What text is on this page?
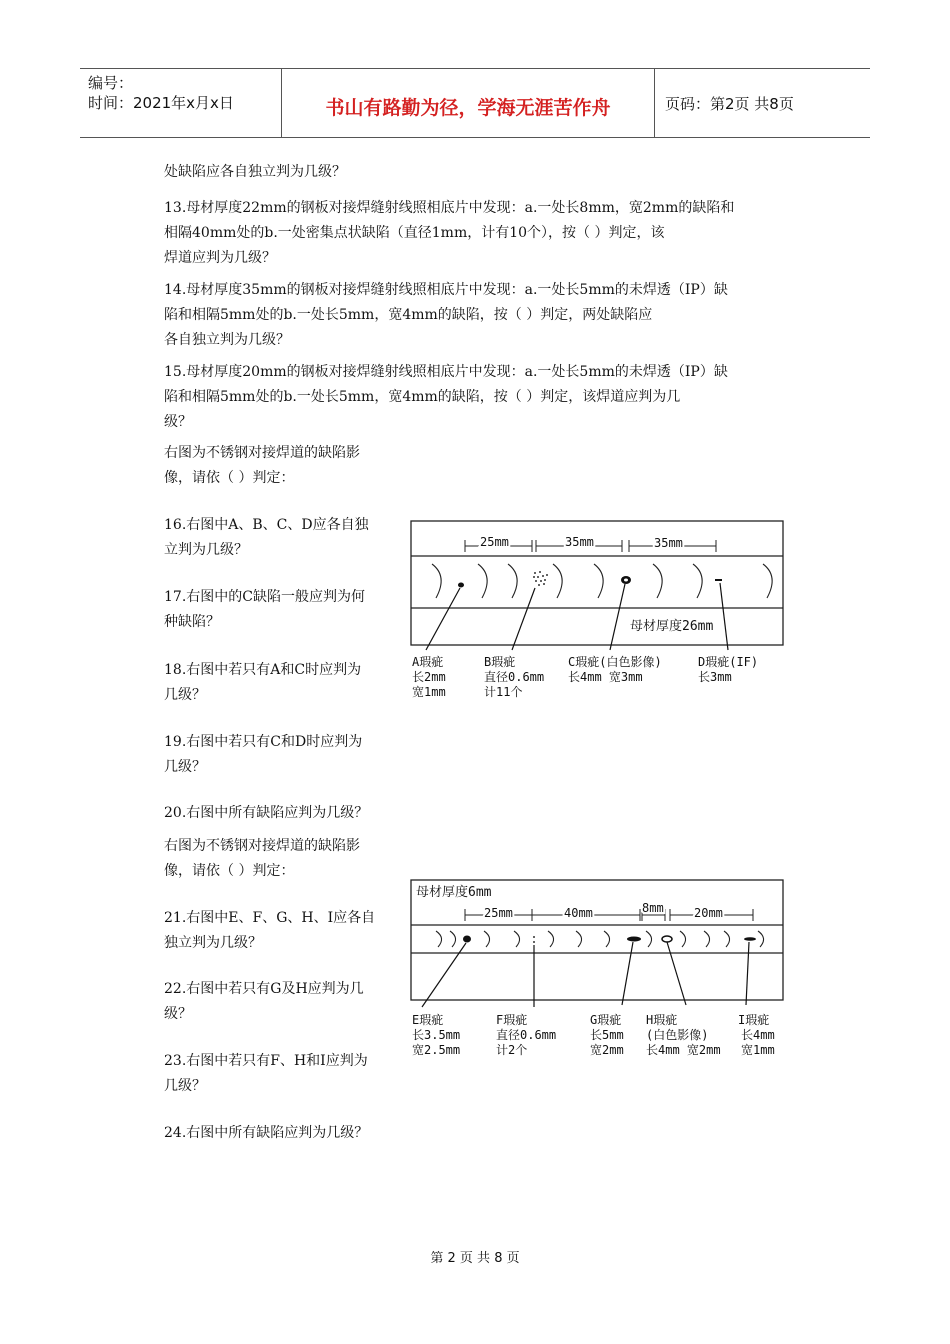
编号：
时间：2021年x月x日	书山有路勤为径，学海无涯苦作舟	页码：第2页 共8页
处缺陷应各自独立判为几级？
13.母材厚度22mm的钢板对接焊缝射线照相底片中发现：a.一处长8mm，宽2mm的缺陷和
相隔40mm处的b.一处密集点状缺陷（直径1mm，计有10个），按（ ）判定，该
焊道应判为几级？
14.母材厚度35mm的钢板对接焊缝射线照相底片中发现：a.一处长5mm的未焊透（IP）缺
陷和相隔5mm处的b.一处长5mm，宽4mm的缺陷，按（ ）判定，两处缺陷应
各自独立判为几级？
15.母材厚度20mm的钢板对接焊缝射线照相底片中发现：a.一处长5mm的未焊透（IP）缺
陷和相隔5mm处的b.一处长5mm，宽4mm的缺陷，按（ ）判定，该焊道应判为几
级？
右图为不锈钢对接焊道的缺陷影
像，请依（ ）判定：
16.右图中A、B、C、D应各自独
立判为几级？
17.右图中的C缺陷一般应判为何
种缺陷？
18.右图中若只有A和C时应判为
几级？
19.右图中若只有C和D时应判为
几级？
20.右图中所有缺陷应判为几级？
右图为不锈钢对接焊道的缺陷影
像，请依（ ）判定：
21.右图中E、F、G、H、I应各自
独立判为几级？
22.右图中若只有G及H应判为几
级？
23.右图中若只有F、H和I应判为
几级？
24.右图中所有缺陷应判为几级？
25mm	35mm	35mm
母材厚度26mm
A瑕疵
长2mm
宽1mm
B瑕疵
直径0.6mm
计11个
C瑕疵(白色影像)
长4mm 宽3mm
D瑕疵(IF)
长3mm
母材厚度6mm
25mm	40mm	8mm	20mm
E瑕疵
长3.5mm
宽2.5mm
F瑕疵
直径0.6mm
计2个
G瑕疵
长5mm
宽2mm
H瑕疵
(白色影像)
长4mm 宽2mm
I瑕疵
长4mm
宽1mm
第 2 页 共 8 页
